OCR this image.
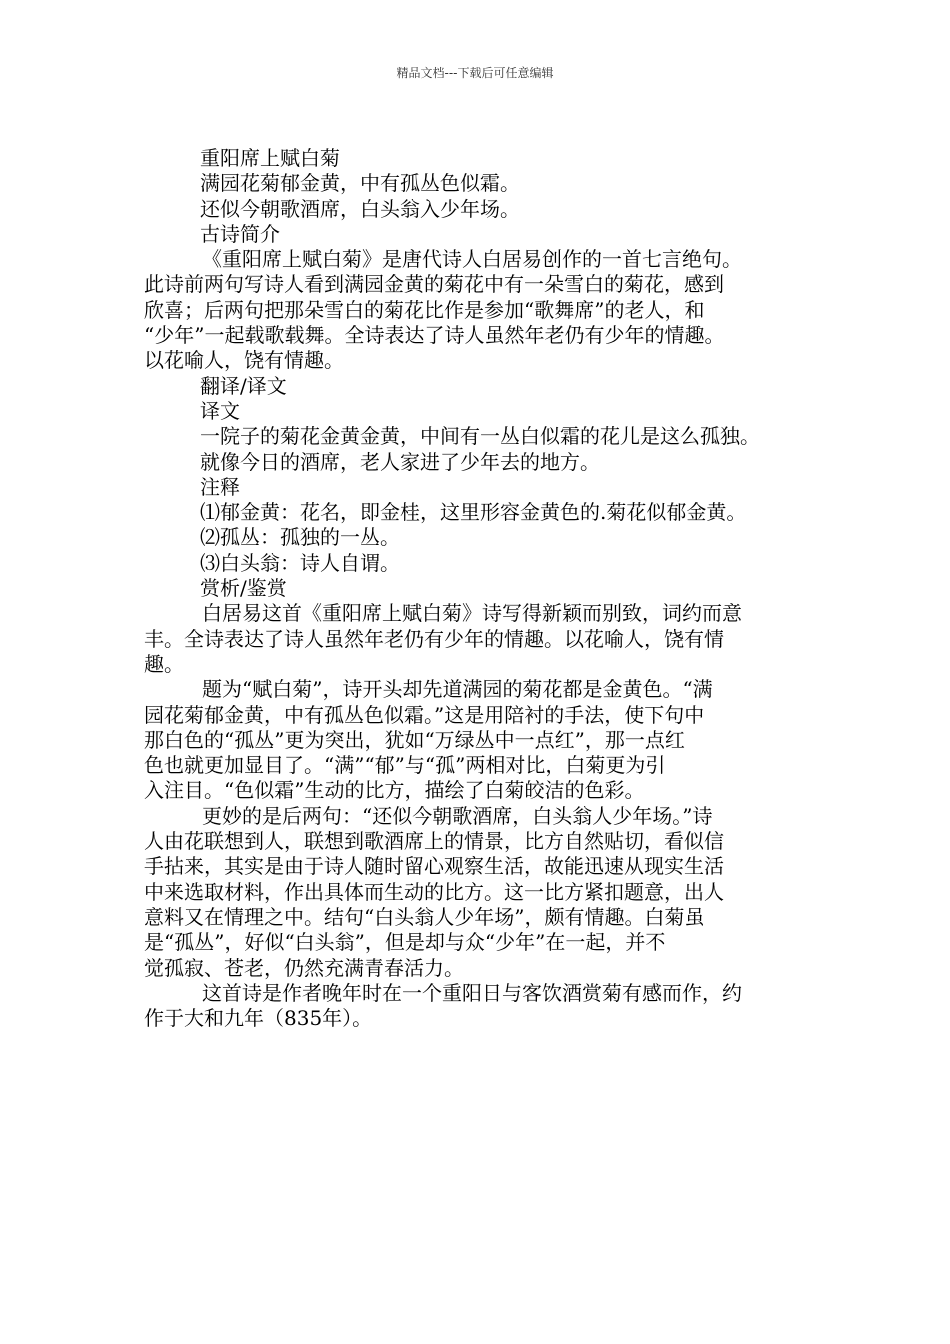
精品文档---下载后可任意编辑
重阳席上赋白菊
满园花菊郁金黄，中有孤丛色似霜。
还似今朝歌酒席，白头翁入少年场。
古诗简介
《重阳席上赋白菊》是唐代诗人白居易创作的一首七言绝句。
此诗前两句写诗人看到满园金黄的菊花中有一朵雪白的菊花，感到
欣喜；后两句把那朵雪白的菊花比作是参加“歌舞席”的老人，和
“少年”一起载歌载舞。全诗表达了诗人虽然年老仍有少年的情趣。
以花喻人，饶有情趣。
翻译/译文
译文
一院子的菊花金黄金黄，中间有一丛白似霜的花儿是这么孤独。
就像今日的酒席，老人家进了少年去的地方。
注释
⑴郁金黄：花名，即金桂，这里形容金黄色的.菊花似郁金黄。
⑵孤丛：孤独的一丛。
⑶白头翁：诗人自谓。
赏析/鉴赏
白居易这首《重阳席上赋白菊》诗写得新颖而别致，词约而意
丰。全诗表达了诗人虽然年老仍有少年的情趣。以花喻人，饶有情
趣。
题为“赋白菊”，诗开头却先道满园的菊花都是金黄色。“满
园花菊郁金黄，中有孤丛色似霜。”这是用陪衬的手法，使下句中
那白色的“孤丛”更为突出，犹如“万绿丛中一点红”，那一点红
色也就更加显目了。“满”“郁”与“孤”两相对比，白菊更为引
入注目。“色似霜”生动的比方，描绘了白菊皎洁的色彩。
更妙的是后两句：“还似今朝歌酒席，白头翁人少年场。”诗
人由花联想到人，联想到歌酒席上的情景，比方自然贴切，看似信
手拈来，其实是由于诗人随时留心观察生活，故能迅速从现实生活
中来选取材料，作出具体而生动的比方。这一比方紧扣题意，出人
意料又在情理之中。结句“白头翁人少年场”，颇有情趣。白菊虽
是“孤丛”，好似“白头翁”，但是却与众“少年”在一起，并不
觉孤寂、苍老，仍然充满青春活力。
这首诗是作者晚年时在一个重阳日与客饮酒赏菊有感而作，约
作于大和九年（835年）。
